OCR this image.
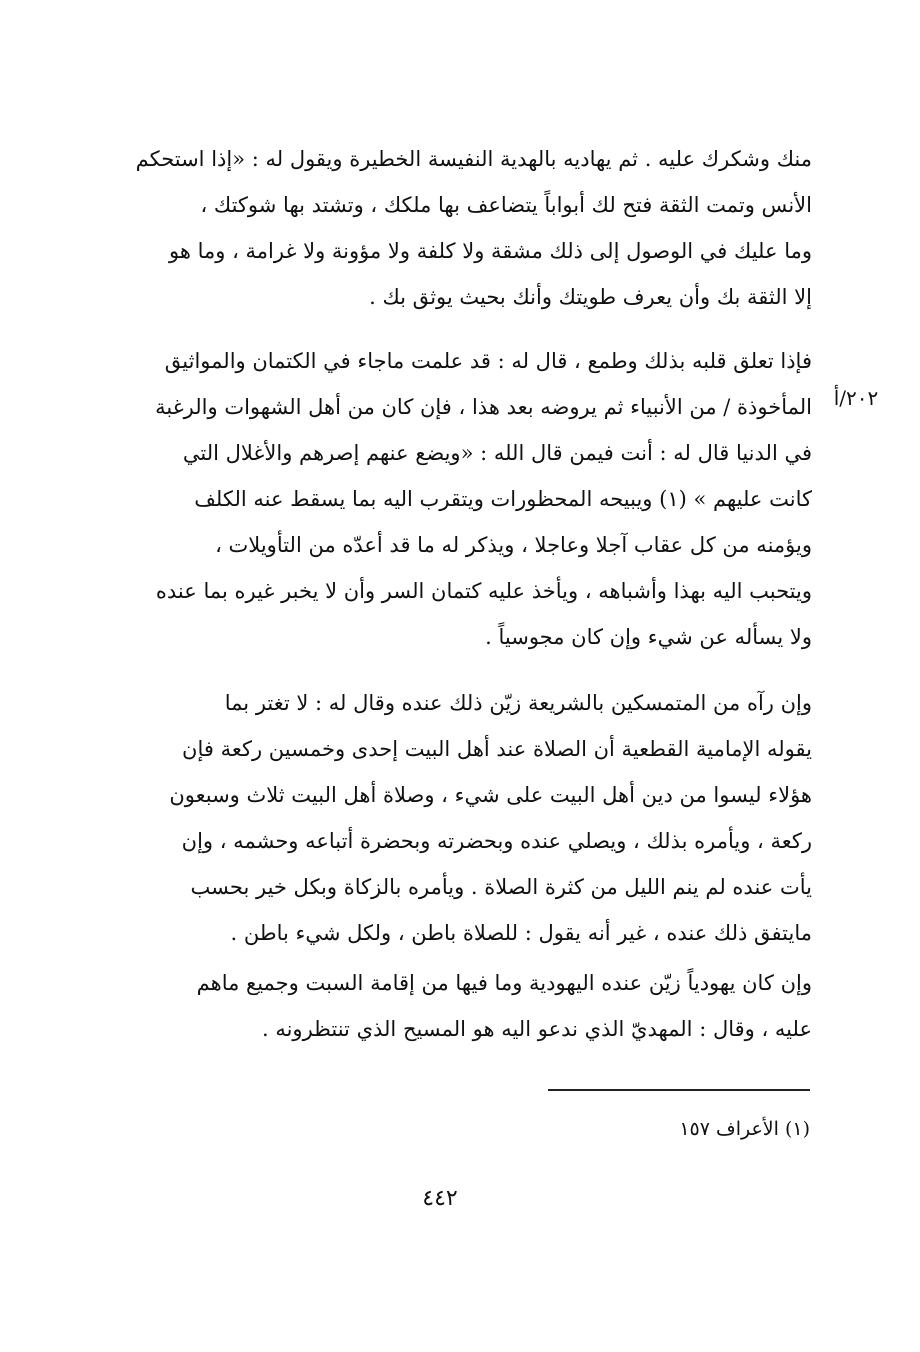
منك وشكرك عليه . ثم يهاديه بالهدية النفيسة الخطيرة ويقول له : «إذا استحكم
الأنس وتمت الثقة فتح لك أبواباً يتضاعف بها ملكك ، وتشتد بها شوكتك ،
وما عليك في الوصول إلى ذلك مشقة ولا كلفة ولا مؤونة ولا غرامة ، وما هو
إلا الثقة بك وأن يعرف طويتك وأنك بحيث يوثق بك .
فإذا تعلق قلبه بذلك وطمع ، قال له : قد علمت ماجاء في الكتمان والمواثيق
المأخوذة / من الأنبياء ثم يروضه بعد هذا ، فإن كان من أهل الشهوات والرغبة
في الدنيا قال له : أنت فيمن قال الله : «ويضع عنهم إصرهم والأغلال التي
كانت عليهم » (١) ويبيحه المحظورات ويتقرب اليه بما يسقط عنه الكلف
ويؤمنه من كل عقاب آجلا وعاجلا ، ويذكر له ما قد أعدّه من التأويلات ،
ويتحبب اليه بهذا وأشباهه ، ويأخذ عليه كتمان السر وأن لا يخبر غيره بما عنده
ولا يسأله عن شيء وإن كان مجوسياً .
٢٠٢/أ
وإن رآه من المتمسكين بالشريعة زيّن ذلك عنده وقال له : لا تغتر بما
يقوله الإمامية القطعية أن الصلاة عند أهل البيت إحدى وخمسين ركعة فإن
هؤلاء ليسوا من دين أهل البيت على شيء ، وصلاة أهل البيت ثلاث وسبعون
ركعة ، ويأمره بذلك ، ويصلي عنده وبحضرته وبحضرة أتباعه وحشمه ، وإن
يأت عنده لم ينم الليل من كثرة الصلاة . ويأمره بالزكاة وبكل خير بحسب
مايتفق ذلك عنده ، غير أنه يقول : للصلاة باطن ، ولكل شيء باطن .
وإن كان يهودياً زيّن عنده اليهودية وما فيها من إقامة السبت وجميع ماهم
عليه ، وقال : المهديّ الذي ندعو اليه هو المسيح الذي تنتظرونه .
(١) الأعراف ١٥٧
٤٤٢
